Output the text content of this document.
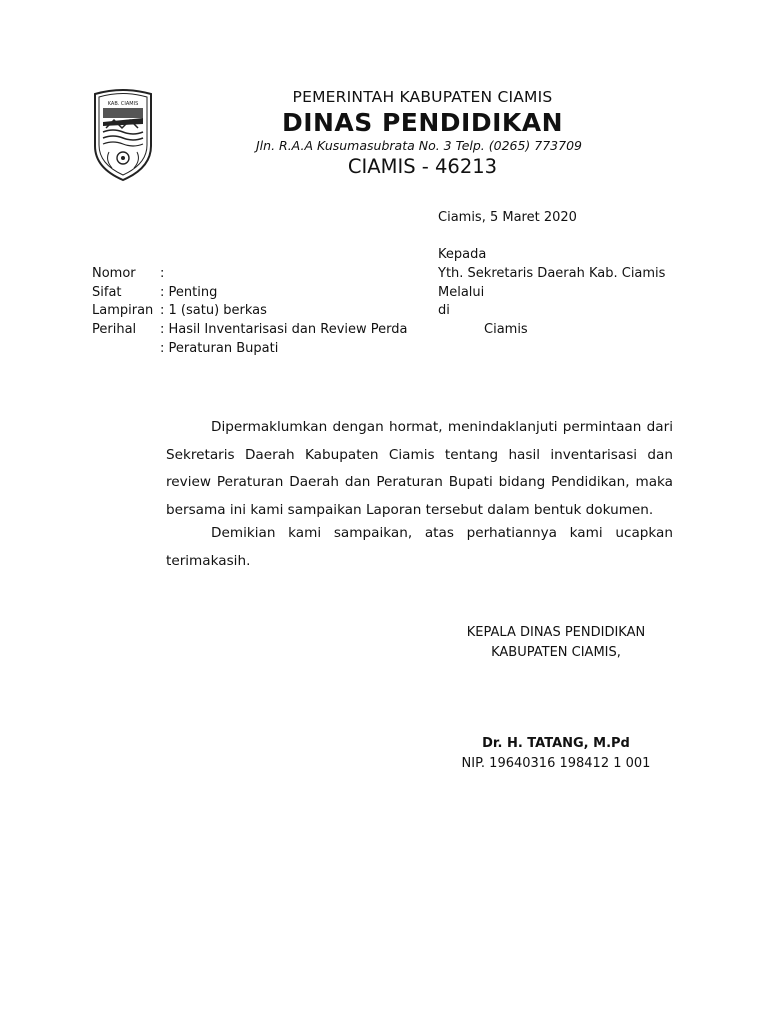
KAB. CIAMIS	PEMERINTAH KABUPATEN CIAMIS
DINAS PENDIDIKAN
Jln. R.A.A Kusumasubrata No. 3 Telp. (0265) 773709
CIAMIS - 46213
Ciamis, 5 Maret 2020
Kepada
Yth. Sekretaris Daerah Kab. Ciamis
Melalui
di
Ciamis
Nomor :
Sifat	: Penting
Lampiran : 1 (satu) berkas
Perihal : Hasil Inventarisasi dan Review Perda
: Peraturan Bupati
Dipermaklumkan dengan hormat, menindaklanjuti permintaan dari Sekretaris Daerah Kabupaten Ciamis tentang hasil inventarisasi dan review Peraturan Daerah dan Peraturan Bupati bidang Pendidikan, maka bersama ini kami sampaikan Laporan tersebut dalam bentuk dokumen.
Demikian kami sampaikan, atas perhatiannya kami ucapkan terimakasih.
KEPALA DINAS PENDIDIKAN
KABUPATEN CIAMIS,
Dr. H. TATANG, M.Pd
NIP. 19640316 198412 1 001
